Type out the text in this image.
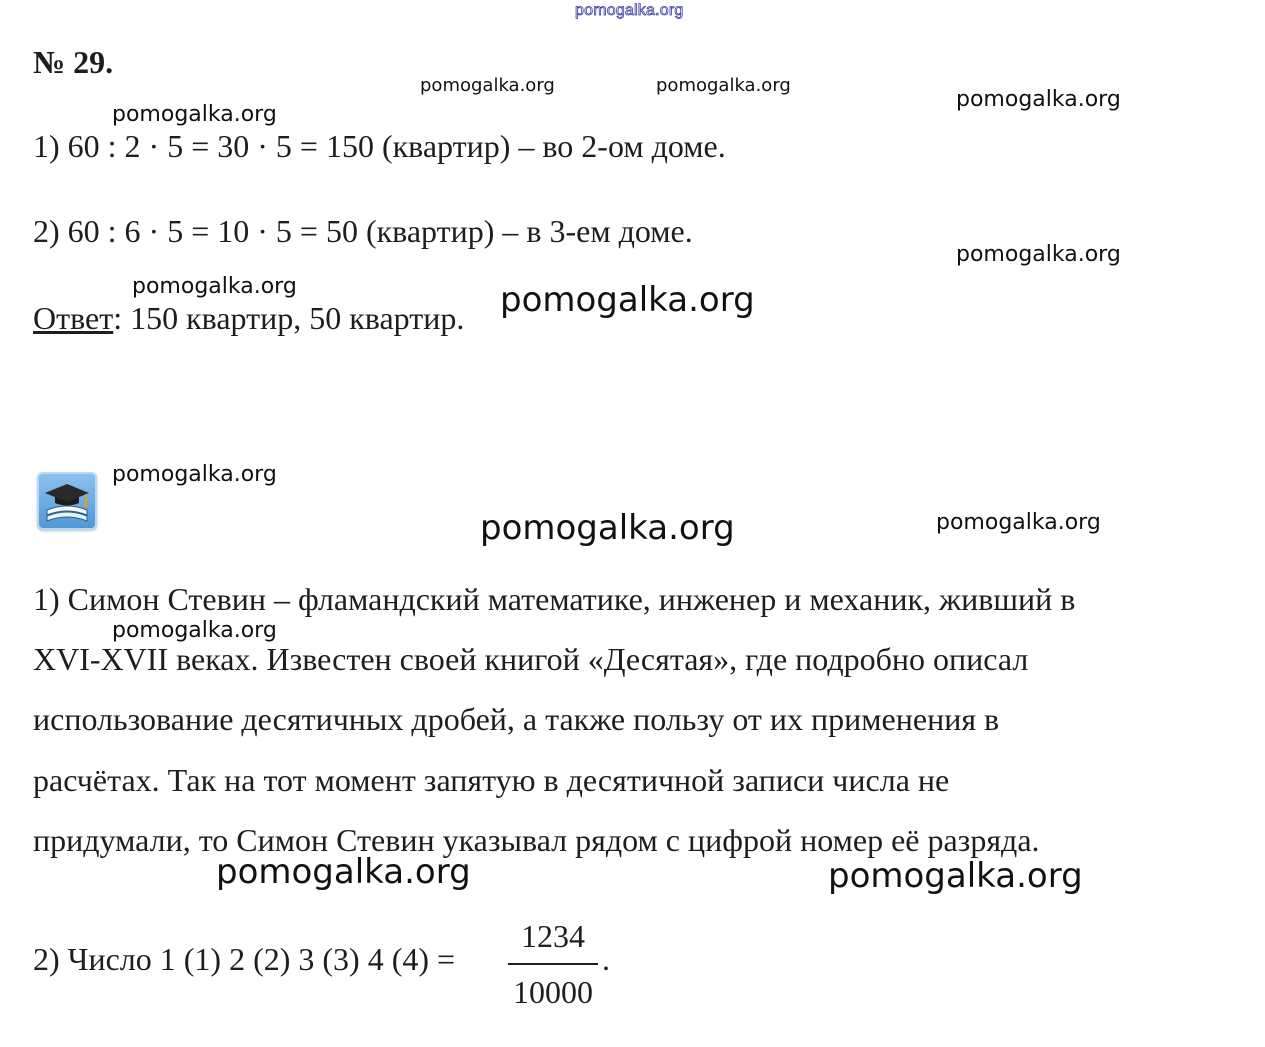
pomogalka.org
№ 29.
1) 60 : 2 · 5 = 30 · 5 = 150 (квартир) – во 2-ом доме.
2) 60 : 6 · 5 = 10 · 5 = 50 (квартир) – в 3-ем доме.
Ответ: 150 квартир, 50 квартир.
1) Симон Стевин – фламандский математике, инженер и механик, живший в
XVI-XVII веках. Известен своей книгой «Десятая», где подробно описал
использование десятичных дробей, а также пользу от их применения в
расчётах. Так на тот момент запятую в десятичной записи числа не
придумали, то Симон Стевин указывал рядом с цифрой номер её разряда.
2) Число 1 (1) 2 (2) 3 (3) 4 (4) =
1234
10000
.
pomogalka.org	pomogalka.org
pomogalka.org
pomogalka.org
pomogalka.org
pomogalka.org	pomogalka.org
pomogalka.org
pomogalka.org	pomogalka.org
pomogalka.org
pomogalka.org	pomogalka.org
